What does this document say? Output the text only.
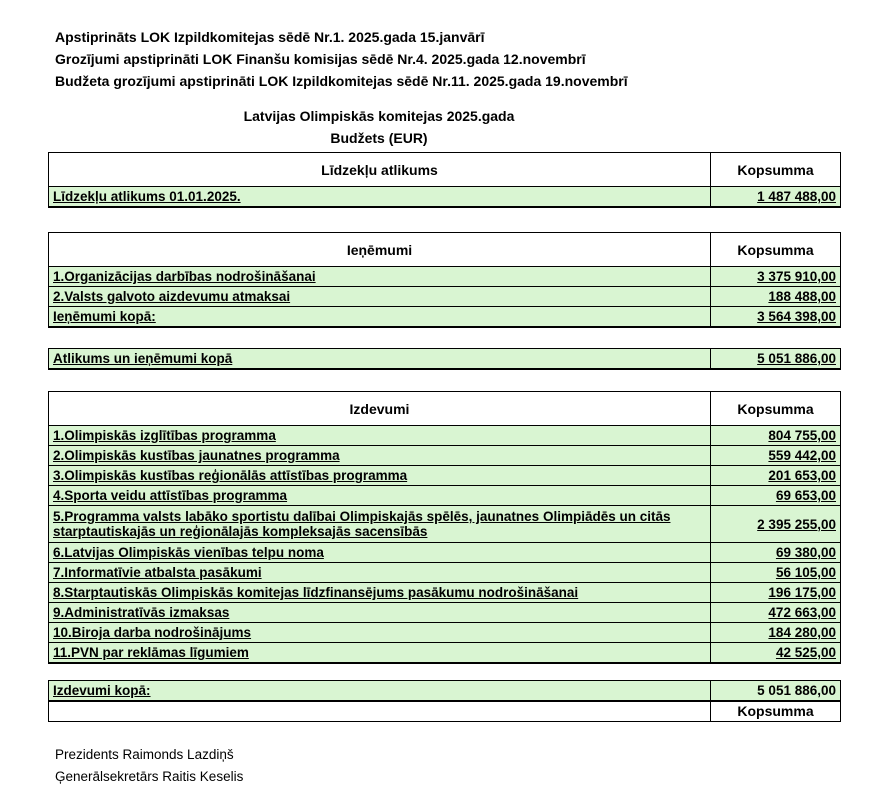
Apstiprināts LOK Izpildkomitejas sēdē Nr.1. 2025.gada 15.janvārī
Grozījumi apstiprināti LOK Finanšu komisijas sēdē Nr.4. 2025.gada 12.novembrī
Budžeta grozījumi apstiprināti LOK Izpildkomitejas sēdē Nr.11. 2025.gada 19.novembrī
Latvijas Olimpiskās komitejas 2025.gada
Budžets (EUR)
Līdzekļu atlikums	Kopsumma
Līdzekļu atlikums 01.01.2025.	1 487 488,00
Ieņēmumi	Kopsumma
1.Organizācijas darbības nodrošināšanai	3 375 910,00
2.Valsts galvoto aizdevumu atmaksai	188 488,00
Ieņēmumi kopā:	3 564 398,00
Atlikums un ieņēmumi kopā	5 051 886,00
Izdevumi	Kopsumma
1.Olimpiskās izglītības programma	804 755,00
2.Olimpiskās kustības jaunatnes programma	559 442,00
3.Olimpiskās kustības reģionālās attīstības programma	201 653,00
4.Sporta veidu attīstības programma	69 653,00
5.Programma valsts labāko sportistu dalībai Olimpiskajās spēlēs, jaunatnes Olimpiādēs un citās starptautiskajās un reģionālajās kompleksajās sacensībās	2 395 255,00
6.Latvijas Olimpiskās vienības telpu noma	69 380,00
7.Informatīvie atbalsta pasākumi	56 105,00
8.Starptautiskās Olimpiskās komitejas līdzfinansējums pasākumu nodrošināšanai	196 175,00
9.Administratīvās izmaksas	472 663,00
10.Biroja darba nodrošinājums	184 280,00
11.PVN par reklāmas līgumiem	42 525,00
Izdevumi kopā:	5 051 886,00
	Kopsumma
Prezidents Raimonds Lazdiņš
Ģenerālsekretārs Raitis Keselis
